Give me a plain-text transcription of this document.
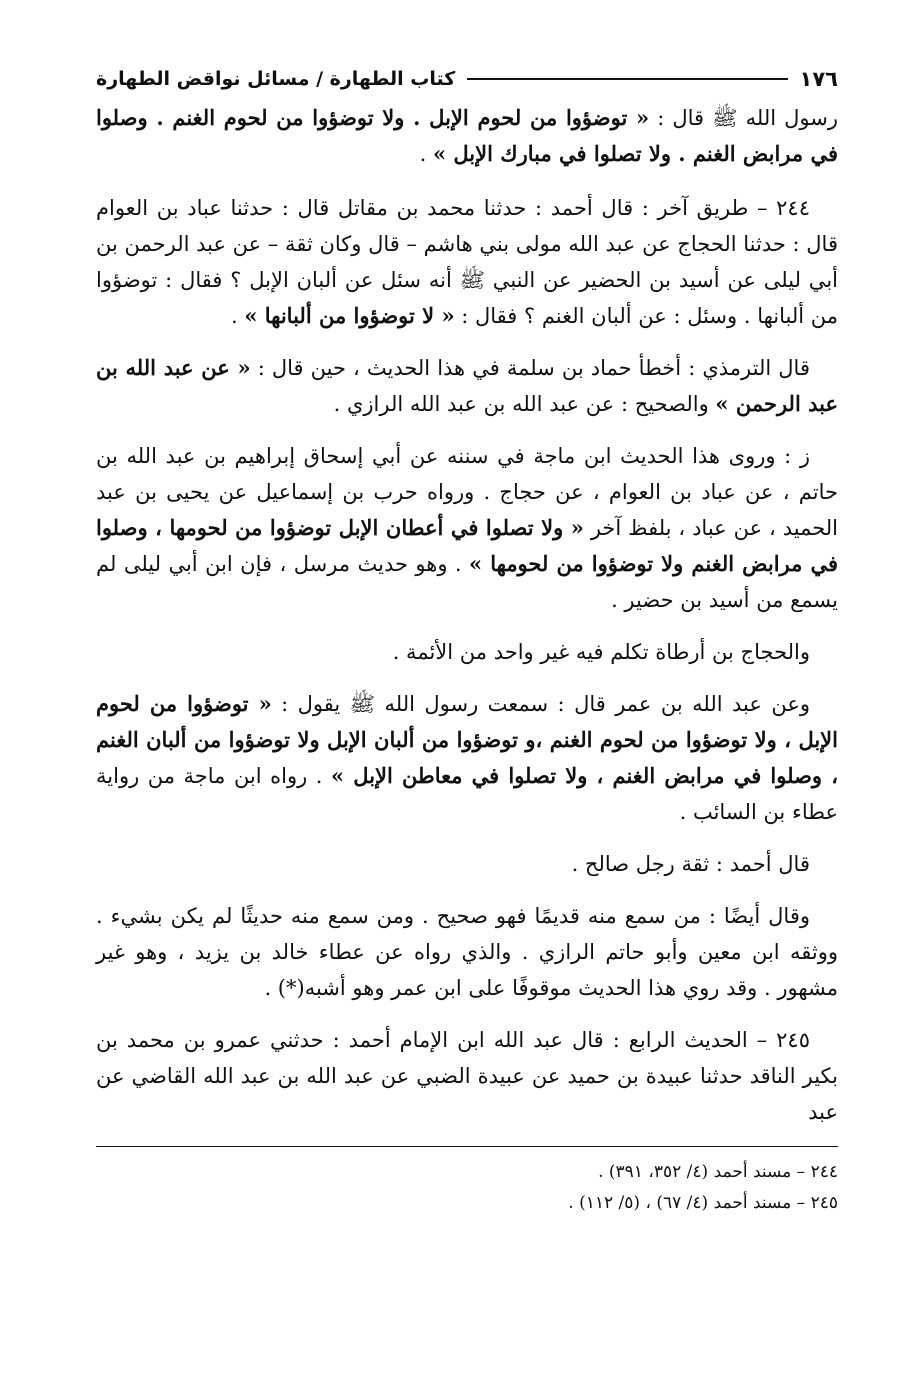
١٧٦
كتاب الطهارة / مسائل نواقض الطهارة

رسول الله ﷺ قال : « توضؤوا من لحوم الإبل . ولا توضؤوا من لحوم الغنم . وصلوا في مرابض الغنم . ولا تصلوا في مبارك الإبل » .

٢٤٤ – طريق آخر : قال أحمد : حدثنا محمد بن مقاتل قال : حدثنا عباد بن العوام قال : حدثنا الحجاج عن عبد الله مولى بني هاشم – قال وكان ثقة – عن عبد الرحمن بن أبي ليلى عن أسيد بن الحضير عن النبي ﷺ أنه سئل عن ألبان الإبل ؟ فقال : توضؤوا من ألبانها . وسئل : عن ألبان الغنم ؟ فقال : « لا توضؤوا من ألبانها » .

قال الترمذي : أخطأ حماد بن سلمة في هذا الحديث ، حين قال : « عن عبد الله بن عبد الرحمن » والصحيح : عن عبد الله بن عبد الله الرازي .

ز : وروى هذا الحديث ابن ماجة في سننه عن أبي إسحاق إبراهيم بن عبد الله بن حاتم ، عن عباد بن العوام ، عن حجاج . ورواه حرب بن إسماعيل عن يحيى بن عبد الحميد ، عن عباد ، بلفظ آخر « ولا تصلوا في أعطان الإبل توضؤوا من لحومها ، وصلوا في مرابض الغنم ولا توضؤوا من لحومها » . وهو حديث مرسل ، فإن ابن أبي ليلى لم يسمع من أسيد بن حضير .

والحجاج بن أرطاة تكلم فيه غير واحد من الأئمة .

وعن عبد الله بن عمر قال : سمعت رسول الله ﷺ يقول : « توضؤوا من لحوم الإبل ، ولا توضؤوا من لحوم الغنم ،و توضؤوا من ألبان الإبل ولا توضؤوا من ألبان الغنم ، وصلوا في مرابض الغنم ، ولا تصلوا في معاطن الإبل » . رواه ابن ماجة من رواية عطاء بن السائب .

قال أحمد : ثقة رجل صالح .

وقال أيضًا : من سمع منه قديمًا فهو صحيح . ومن سمع منه حديثًا لم يكن بشيء . ووثقه ابن معين وأبو حاتم الرازي . والذي رواه عن عطاء خالد بن يزيد ، وهو غير مشهور . وقد روي هذا الحديث موقوفًا على ابن عمر وهو أشبه(*) .

٢٤٥ – الحديث الرابع : قال عبد الله ابن الإمام أحمد : حدثني عمرو بن محمد بن بكير الناقد حدثنا عبيدة بن حميد عن عبيدة الضبي عن عبد الله بن عبد الله القاضي عن عبد

٢٤٤ – مسند أحمد (٤/ ٣٥٢، ٣٩١) .

٢٤٥ – مسند أحمد (٤/ ٦٧) ، (٥/ ١١٢) .
